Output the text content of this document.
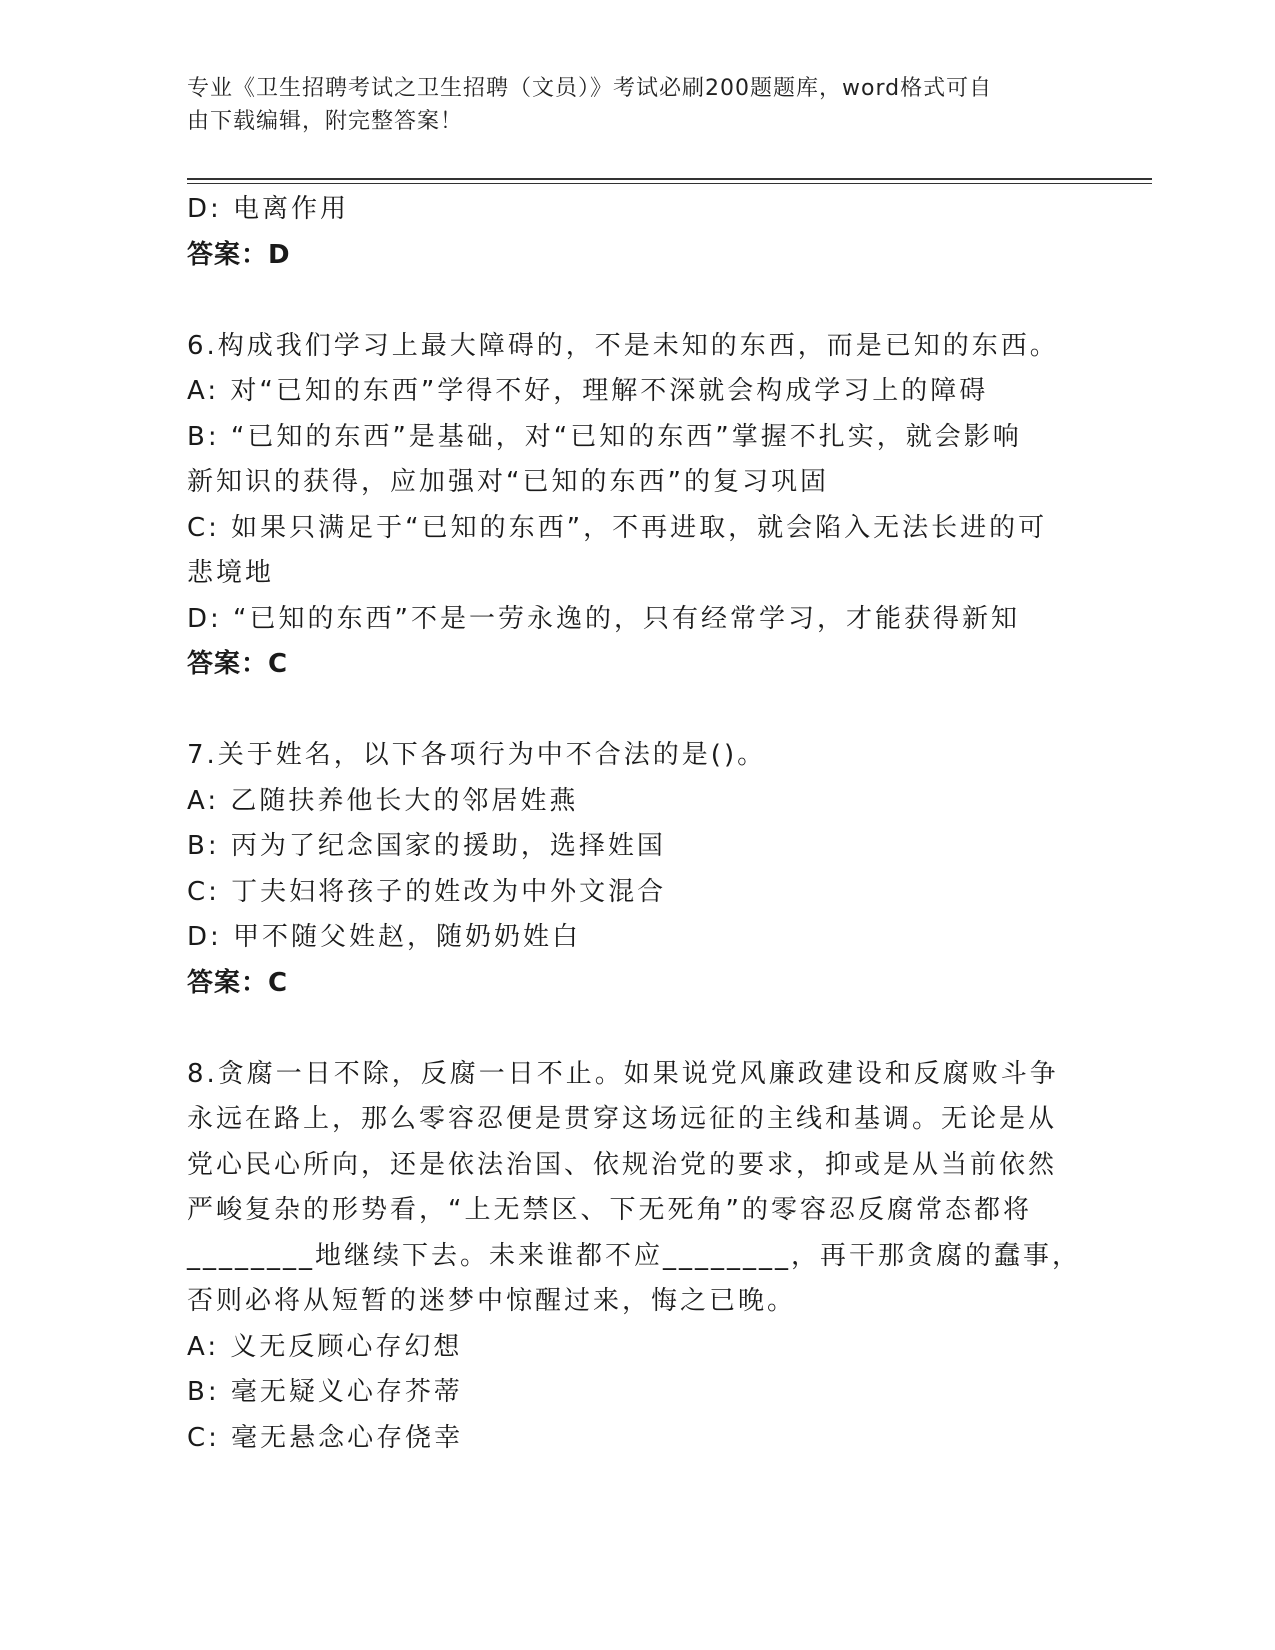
专业《卫生招聘考试之卫生招聘（文员）》考试必刷200题题库，word格式可自
由下载编辑，附完整答案！
D: 电离作用
答案：D
6.构成我们学习上最大障碍的，不是未知的东西，而是已知的东西。
A: 对“已知的东西”学得不好，理解不深就会构成学习上的障碍
B: “已知的东西”是基础，对“已知的东西”掌握不扎实，就会影响
新知识的获得，应加强对“已知的东西”的复习巩固
C: 如果只满足于“已知的东西”，不再进取，就会陷入无法长进的可
悲境地
D: “已知的东西”不是一劳永逸的，只有经常学习，才能获得新知
答案：C
7.关于姓名，以下各项行为中不合法的是()。
A: 乙随扶养他长大的邻居姓燕
B: 丙为了纪念国家的援助，选择姓国
C: 丁夫妇将孩子的姓改为中外文混合
D: 甲不随父姓赵，随奶奶姓白
答案：C
8.贪腐一日不除，反腐一日不止。如果说党风廉政建设和反腐败斗争
永远在路上，那么零容忍便是贯穿这场远征的主线和基调。无论是从
党心民心所向，还是依法治国、依规治党的要求，抑或是从当前依然
严峻复杂的形势看，“上无禁区、下无死角”的零容忍反腐常态都将
________地继续下去。未来谁都不应________，再干那贪腐的蠢事，
否则必将从短暂的迷梦中惊醒过来，悔之已晚。
A: 义无反顾心存幻想
B: 毫无疑义心存芥蒂
C: 毫无悬念心存侥幸
